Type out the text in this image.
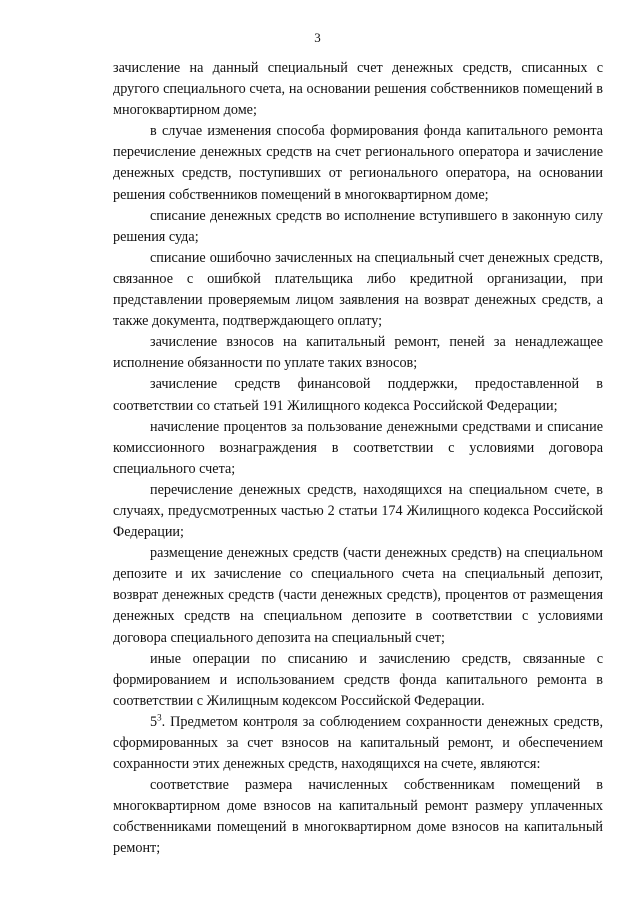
3

зачисление на данный специальный счет денежных средств, списанных с другого специального счета, на основании решения собственников помещений в многоквартирном доме;

в случае изменения способа формирования фонда капитального ремонта перечисление денежных средств на счет регионального оператора и зачисление денежных средств, поступивших от регионального оператора, на основании решения собственников помещений в многоквартирном доме;

списание денежных средств во исполнение вступившего в законную силу решения суда;

списание ошибочно зачисленных на специальный счет денежных средств, связанное с ошибкой плательщика либо кредитной организации, при представлении проверяемым лицом заявления на возврат денежных средств, а также документа, подтверждающего оплату;

зачисление взносов на капитальный ремонт, пеней за ненадлежащее исполнение обязанности по уплате таких взносов;

зачисление средств финансовой поддержки, предоставленной в соответствии со статьей 191 Жилищного кодекса Российской Федерации;

начисление процентов за пользование денежными средствами и списание комиссионного вознаграждения в соответствии с условиями договора специального счета;

перечисление денежных средств, находящихся на специальном счете, в случаях, предусмотренных частью 2 статьи 174 Жилищного кодекса Российской Федерации;

размещение денежных средств (части денежных средств) на специальном депозите и их зачисление со специального счета на специальный депозит, возврат денежных средств (части денежных средств), процентов от размещения денежных средств на специальном депозите в соответствии с условиями договора специального депозита на специальный счет;

иные операции по списанию и зачислению средств, связанные с формированием и использованием средств фонда капитального ремонта в соответствии с Жилищным кодексом Российской Федерации.

$5^3$. Предметом контроля за соблюдением сохранности денежных средств, сформированных за счет взносов на капитальный ремонт, и обеспечением сохранности этих денежных средств, находящихся на счете, являются:

соответствие размера начисленных собственникам помещений в многоквартирном доме взносов на капитальный ремонт размеру уплаченных собственниками помещений в многоквартирном доме взносов на капитальный ремонт;
